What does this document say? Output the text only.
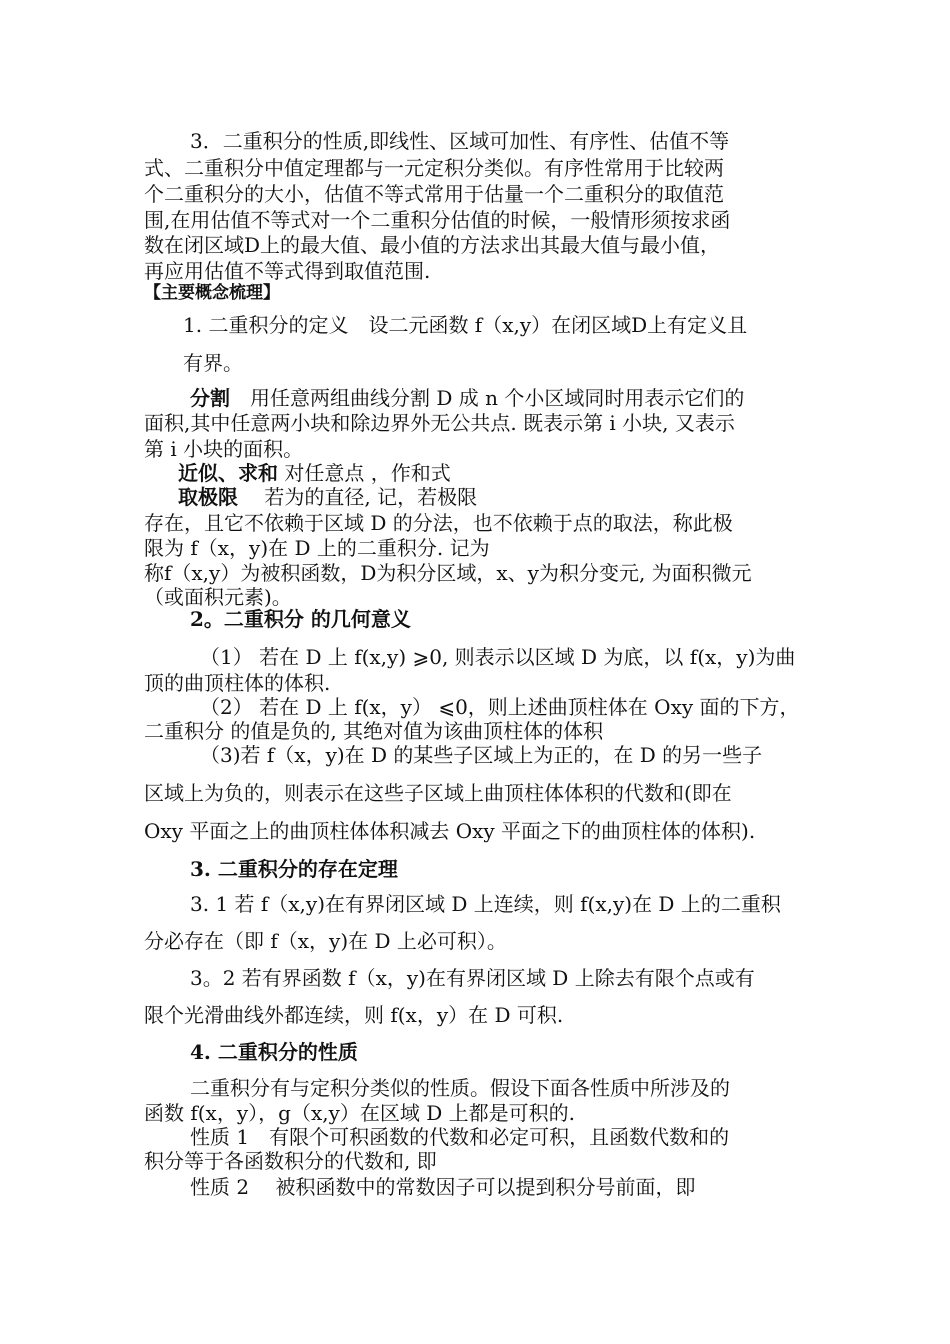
3．二重积分的性质,即线性、区域可加性、有序性、估值不等
式、二重积分中值定理都与一元定积分类似。有序性常用于比较两
个二重积分的大小，估值不等式常用于估量一个二重积分的取值范
围,在用估值不等式对一个二重积分估值的时候，一般情形须按求函
数在闭区域D上的最大值、最小值的方法求出其最大值与最小值，
再应用估值不等式得到取值范围.
【主要概念梳理】
1. 二重积分的定义　设二元函数 f（x,y）在闭区域D上有定义且
有界。
分割　用任意两组曲线分割 D 成 n 个小区域同时用表示它们的
面积,其中任意两小块和除边界外无公共点. 既表示第 i 小块, 又表示
第 i 小块的面积。
近似、求和 对任意点 ，作和式
取极限　 若为的直径, 记，若极限
存在，且它不依赖于区域 D 的分法，也不依赖于点的取法，称此极
限为 f（x，y)在 D 上的二重积分. 记为
称f（x,y）为被积函数，D为积分区域，x、y为积分变元, 为面积微元
（或面积元素)。
2。二重积分 的几何意义
（1） 若在 D 上 f(x,y) ⩾0, 则表示以区域 D 为底，以 f(x，y)为曲
顶的曲顶柱体的体积.
（2） 若在 D 上 f(x，y） ⩽0，则上述曲顶柱体在 Oxy 面的下方，
二重积分 的值是负的, 其绝对值为该曲顶柱体的体积
（3)若 f（x，y)在 D 的某些子区域上为正的，在 D 的另一些子
区域上为负的，则表示在这些子区域上曲顶柱体体积的代数和(即在
Oxy 平面之上的曲顶柱体体积减去 Oxy 平面之下的曲顶柱体的体积).
3. 二重积分的存在定理
3. 1 若 f（x,y)在有界闭区域 D 上连续，则 f(x,y)在 D 上的二重积
分必存在（即 f（x，y)在 D 上必可积）。
3。2 若有界函数 f（x，y)在有界闭区域 D 上除去有限个点或有
限个光滑曲线外都连续，则 f(x，y）在 D 可积.
4. 二重积分的性质
二重积分有与定积分类似的性质。假设下面各性质中所涉及的
函数 f(x，y），g（x,y）在区域 D 上都是可积的.
性质 1　有限个可积函数的代数和必定可积，且函数代数和的
积分等于各函数积分的代数和, 即
性质 2　 被积函数中的常数因子可以提到积分号前面，即
